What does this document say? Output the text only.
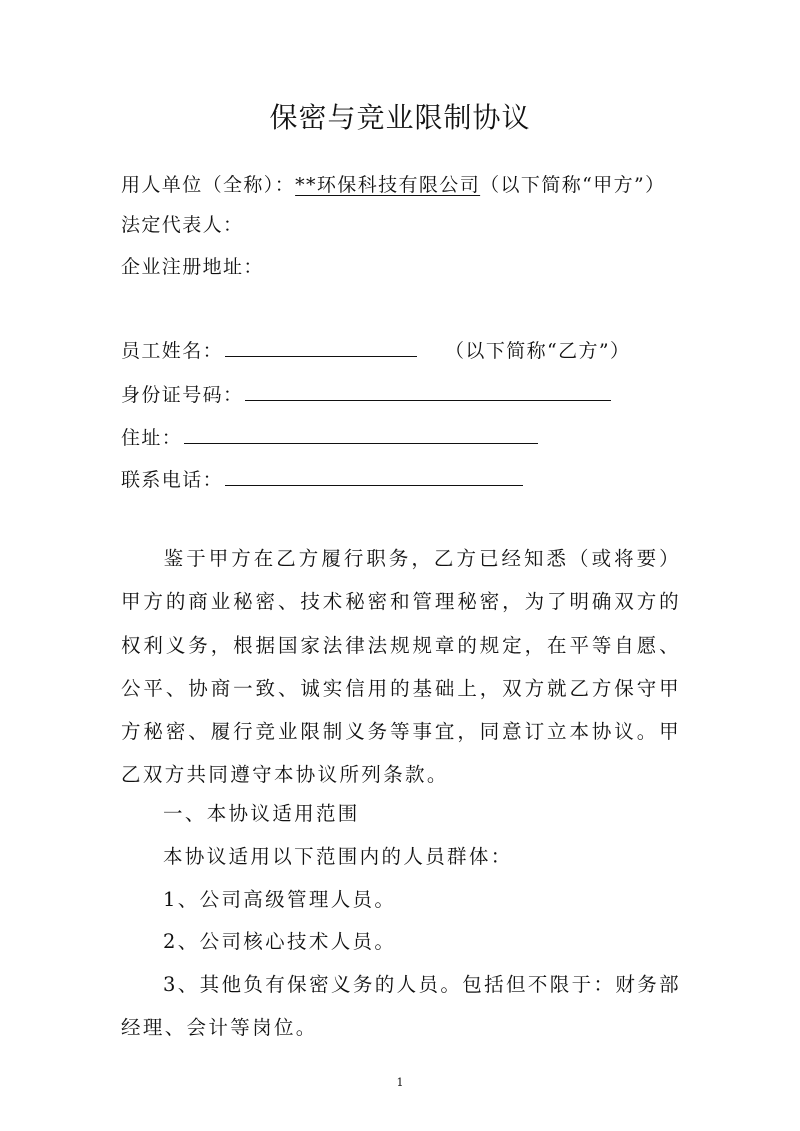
保密与竞业限制协议
用人单位（全称）：**环保科技有限公司（以下简称“甲方”）
法定代表人：
企业注册地址：
员工姓名：	（以下简称“乙方”）
身份证号码：
住址：
联系电话：
鉴于甲方在乙方履行职务，乙方已经知悉（或将要）甲方的商业秘密、技术秘密和管理秘密，为了明确双方的权利义务，根据国家法律法规规章的规定，在平等自愿、公平、协商一致、诚实信用的基础上，双方就乙方保守甲方秘密、履行竞业限制义务等事宜，同意订立本协议。甲乙双方共同遵守本协议所列条款。
一、本协议适用范围
本协议适用以下范围内的人员群体：
1、公司高级管理人员。
2、公司核心技术人员。
3、其他负有保密义务的人员。包括但不限于：财务部经理、会计等岗位。
1
